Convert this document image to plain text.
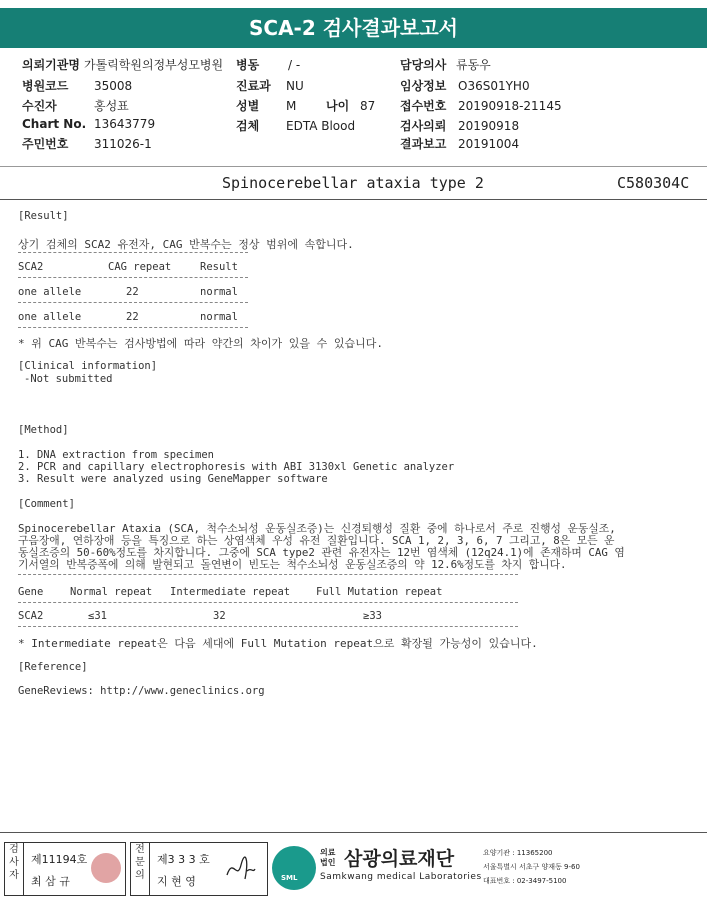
SCA-2 검사결과보고서
의뢰기관명 가톨릭학원의정부성모병원
병원코드 35008
수진자	홍성표
Chart No. 13643779
주민번호 311026-1
병동 / -
진료과 NU
성별 M 나이 87
검체 EDTA Blood
담당의사 류동우
임상정보 O36S01YH0
접수번호 20190918-21145
검사의뢰 20190918
결과보고 20191004
Spinocerebellar ataxia type 2	C580304C
[Result]
상기 검체의 SCA2 유전자, CAG 반복수는 정상 범위에 속합니다.
SCA2	CAG repeat	Result
one allele	22	normal
one allele	22	normal
* 위 CAG 반복수는 검사방법에 따라 약간의 차이가 있을 수 있습니다.
[Clinical information]
-Not submitted
[Method]
1. DNA extraction from specimen
2. PCR and capillary electrophoresis with ABI 3130xl Genetic analyzer
3. Result were analyzed using GeneMapper software
[Comment]
Spinocerebellar Ataxia (SCA, 척수소뇌성 운동실조증)는 신경퇴행성 질환 중에 하나로서 주로 진행성 운동실조,
구음장애, 연하장애 등을 특징으로 하는 상염색체 우성 유전 질환입니다. SCA 1, 2, 3, 6, 7 그리고, 8은 모든 운
동실조증의 50-60%정도를 차지합니다. 그중에 SCA type2 관련 유전자는 12번 염색체 (12q24.1)에 존재하며 CAG 염
기서열의 반복증폭에 의해 발현되고 돌연변이 빈도는 척수소뇌성 운동실조증의 약 12.6%정도를 차지 합니다.
Gene	Normal repeat Intermediate repeat Full Mutation repeat
SCA2	≤31	32	≥33
* Intermediate repeat은 다음 세대에 Full Mutation repeat으로 확장될 가능성이 있습니다.
[Reference]
GeneReviews: http://www.geneclinics.org
검사자
제11194호
최 삼 규
전문의
제3 3 3 호
지 현 영	SML
의료법인 삼광의료재단
Samkwang medical Laboratories
요양기관 : 11365200
서울특별시 서초구 양재동 9-60
대표번호 : 02-3497-5100
